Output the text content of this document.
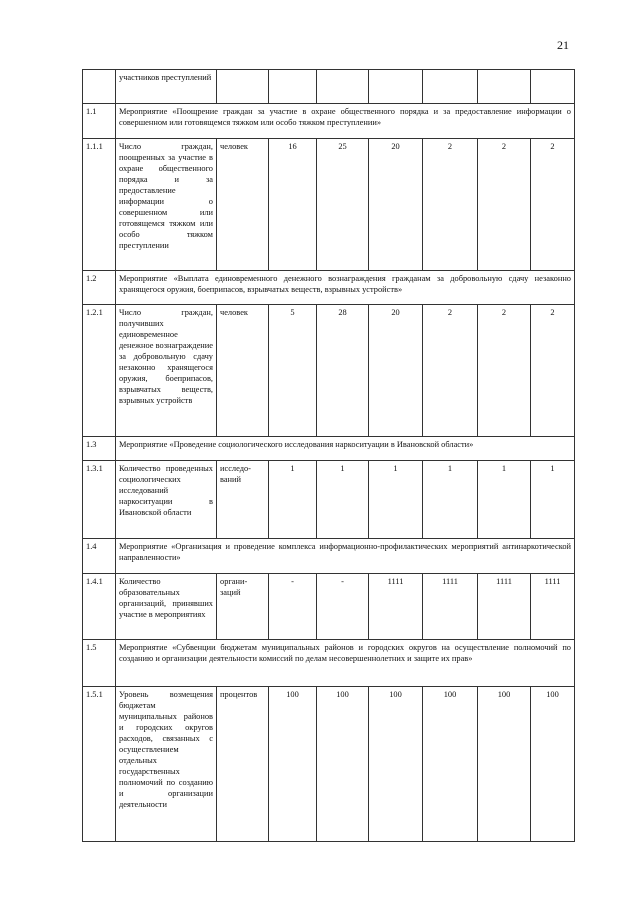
21
	участников преступлений							
1.1	Мероприятие «Поощрение граждан за участие в охране общественного порядка и за предоставление информации о совершенном или готовящемся тяжком или особо тяжком преступлении»							
1.1.1	Число граждан, поощренных за участие в охране общественного порядка и за предоставление информации о совершенном или готовящемся тяжком или особо тяжком преступлении	человек	16	25	20	2	2	2
1.2	Мероприятие «Выплата единовременного денежного вознаграждения гражданам за добровольную сдачу незаконно хранящегося оружия, боеприпасов, взрывчатых веществ, взрывных устройств»							
1.2.1	Число граждан, получивших единовременное денежное вознаграждение за добровольную сдачу незаконно хранящегося оружия, боеприпасов, взрывчатых веществ, взрывных устройств	человек	5	28	20	2	2	2
1.3	Мероприятие «Проведение социологического исследования наркоситуации в Ивановской области»							
1.3.1	Количество проведенных социологических исследований наркоситуации в Ивановской области	исследо-ваний	1	1	1	1	1	1
1.4	Мероприятие «Организация и проведение комплекса информационно-профилактических мероприятий антинаркотической направленности»							
1.4.1	Количество образовательных организаций, принявших участие в мероприятиях	органи-заций	-	-	1111	1111	1111	1111
1.5	Мероприятие «Субвенции бюджетам муниципальных районов и городских округов на осуществление полномочий по созданию и организации деятельности комиссий по делам несовершеннолетних и защите их прав»							
1.5.1	Уровень возмещения бюджетам муниципальных районов и городских округов расходов, связанных с осуществлением отдельных государственных полномочий по созданию и организации деятельности	процентов	100	100	100	100	100	100
